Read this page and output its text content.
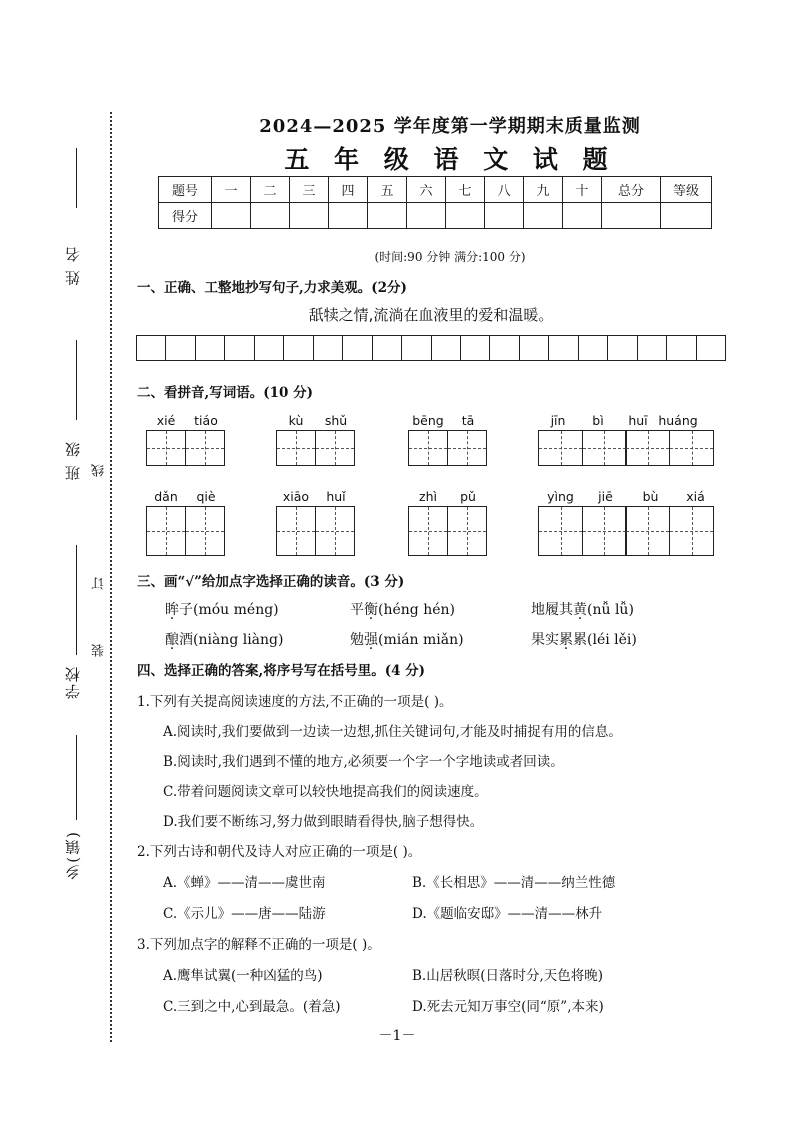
姓 名
班 级
学校
乡(镇)
线
订
装
2024—2025 学年度第一学期期末质量监测
五 年 级 语 文 试 题
题号	一	二	三	四	五	六	七	八	九	十	总分	等级
得分												
(时间:90 分钟 满分:100 分)
一、正确、工整地抄写句子,力求美观。(2分)
舐犊之情,流淌在血液里的爱和温暖。
二、看拼音,写词语。(10 分)
xié	tiáo	kù	shǔ	bēng	tā	jīn	bì	huī huáng
dǎn	qiè	xiāo	huǐ	zhì	pǔ	yìng	jiē	bù	xiá
三、画“√”给加点字选择正确的读音。(3 分)
眸子(móu méng)	平衡(héng hén)	地履其黄(nǚ lǚ)
酿酒(niàng liàng)	勉强(mián miǎn)	果实累累(léi lěi)
四、选择正确的答案,将序号写在括号里。(4 分)
1.下列有关提高阅读速度的方法,不正确的一项是( )。
A.阅读时,我们要做到一边读一边想,抓住关键词句,才能及时捕捉有用的信息。
B.阅读时,我们遇到不懂的地方,必须要一个字一个字地读或者回读。
C.带着问题阅读文章可以较快地提高我们的阅读速度。
D.我们要不断练习,努力做到眼睛看得快,脑子想得快。
2.下列古诗和朝代及诗人对应正确的一项是( )。
A.《蝉》——清——虞世南	B.《长相思》——清——纳兰性德
C.《示儿》——唐——陆游	D.《题临安邸》——清——林升
3.下列加点字的解释不正确的一项是( )。
A.鹰隼试翼(一种凶猛的鸟)	B.山居秋暝(日落时分,天色将晚)
C.三到之中,心到最急。(着急)	D.死去元知万事空(同“原”,本来)
－1－
